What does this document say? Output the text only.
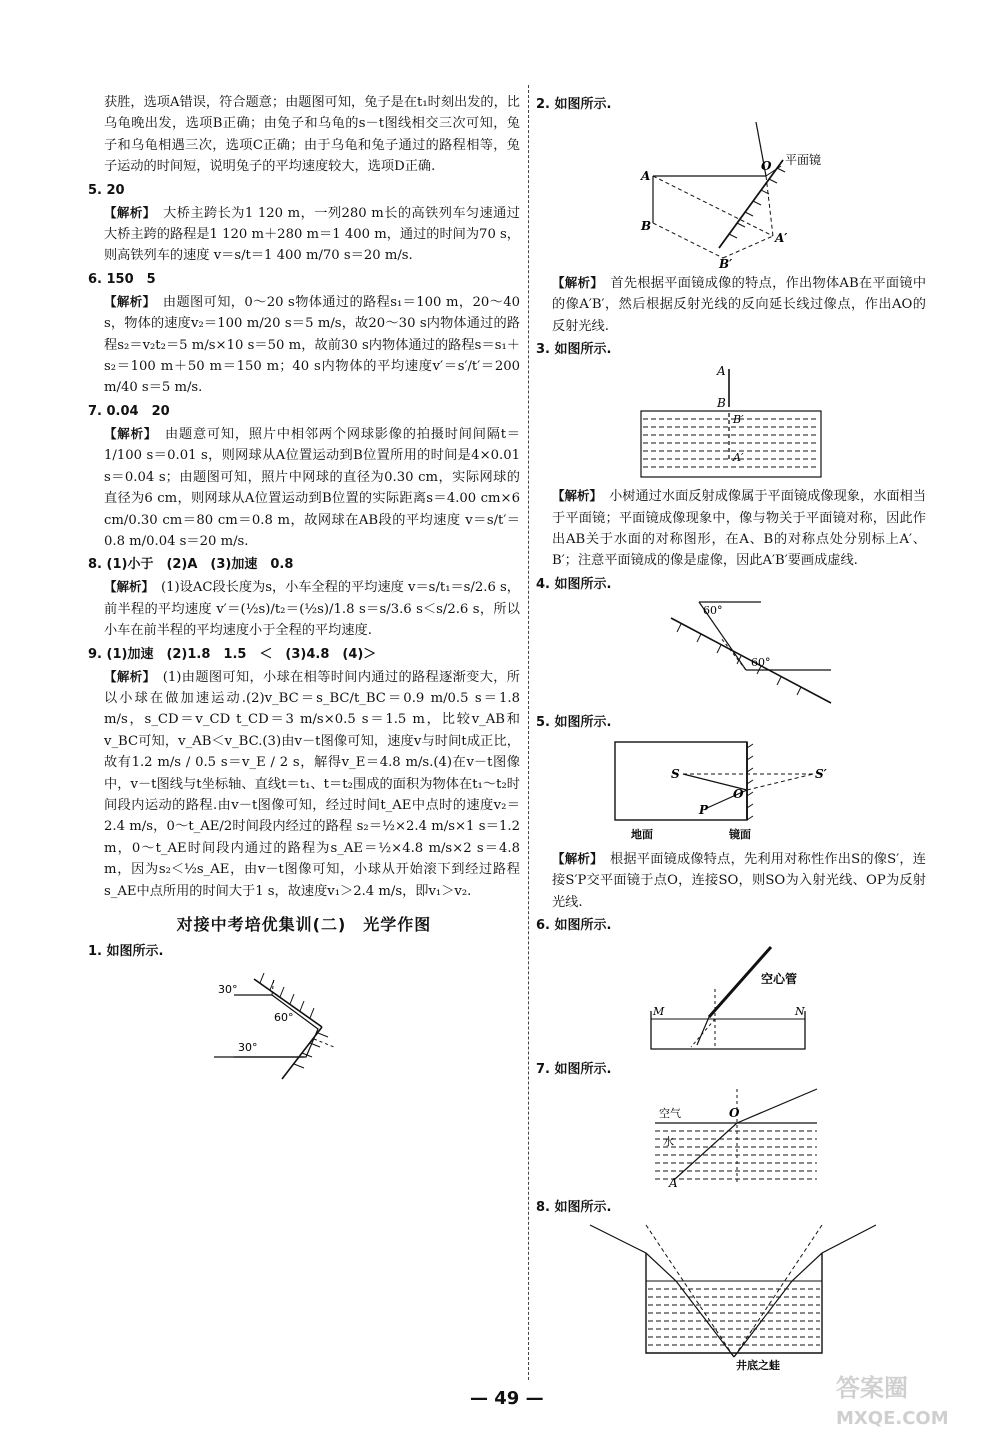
获胜，选项A错误，符合题意；由题图可知，兔子是在t₁时刻出发的，比乌龟晚出发，选项B正确；由兔子和乌龟的s－t图线相交三次可知，兔子和乌龟相遇三次，选项C正确；由于乌龟和兔子通过的路程相等，兔子运动的时间短，说明兔子的平均速度较大，选项D正确.

5. 20

【解析】　 大桥主跨长为1 120 m，一列280 m长的高铁列车匀速通过大桥主跨的路程是1 120 m＋280 m＝1 400 m，通过的时间为70 s，则高铁列车的速度 v＝s/t＝1 400 m/70 s＝20 m/s.

6. 150　5

【解析】　 由题图可知，0～20 s物体通过的路程s₁＝100 m，20～40 s，物体的速度v₂＝100 m/20 s＝5 m/s，故20～30 s内物体通过的路程s₂＝v₂t₂＝5 m/s×10 s＝50 m，故前30 s内物体通过的路程s＝s₁＋s₂＝100 m＋50 m＝150 m；40 s内物体的平均速度v′＝s′/t′＝200 m/40 s＝5 m/s.

7. 0.04　20

【解析】　 由题意可知，照片中相邻两个网球影像的拍摄时间间隔t＝1/100 s＝0.01 s，则网球从A位置运动到B位置所用的时间是4×0.01 s＝0.04 s；由题图可知，照片中网球的直径为0.30 cm，实际网球的直径为6 cm，则网球从A位置运动到B位置的实际距离s＝4.00 cm×6 cm/0.30 cm＝80 cm＝0.8 m，故网球在AB段的平均速度 v＝s/t′＝0.8 m/0.04 s＝20 m/s.

8. (1)小于　(2)A　(3)加速　0.8

【解析】　 (1)设AC段长度为s，小车全程的平均速度 v＝s/t₁＝s/2.6 s，前半程的平均速度 v′＝(½s)/t₂＝(½s)/1.8 s＝s/3.6 s＜s/2.6 s，所以小车在前半程的平均速度小于全程的平均速度.

9. (1)加速　(2)1.8　1.5　＜　(3)4.8　(4)＞

【解析】　 (1)由题图可知，小球在相等时间内通过的路程逐渐变大，所以小球在做加速运动.(2)v_BC＝s_BC/t_BC＝0.9 m/0.5 s＝1.8 m/s，s_CD＝v_CD t_CD＝3 m/s×0.5 s＝1.5 m，比较v_AB和v_BC可知，v_AB＜v_BC.(3)由v－t图像可知，速度v与时间t成正比，故有1.2 m/s / 0.5 s＝v_E / 2 s，解得v_E＝4.8 m/s.(4)在v－t图像中，v－t图线与t坐标轴、直线t＝t₁、t＝t₂围成的面积为物体在t₁～t₂时间段内运动的路程.由v－t图像可知，经过时间t_AE中点时的速度v₂＝2.4 m/s，0～t_AE/2时间段内经过的路程 s₂＝½×2.4 m/s×1 s＝1.2 m，0～t_AE时间段内通过的路程为s_AE＝½×4.8 m/s×2 s＝4.8 m，因为s₂＜½s_AE，由v－t图像可知，小球从开始滚下到经过路程s_AE中点所用的时间大于1 s，故速度v₁＞2.4 m/s，即v₁＞v₂.

对接中考培优集训(二)　光学作图

1. 如图所示.

30°
60°
30°

2. 如图所示.

O 平面镜
A
B
B′
A′

【解析】　 首先根据平面镜成像的特点，作出物体AB在平面镜中的像A′B′，然后根据反射光线的反向延长线过像点，作出AO的反射光线.

3. 如图所示.

A
B
B′
A′

【解析】　 小树通过水面反射成像属于平面镜成像现象，水面相当于平面镜；平面镜成像现象中，像与物关于平面镜对称，因此作出AB关于水面的对称图形，在A、B的对称点处分别标上A′、B′；注意平面镜成的像是虚像，因此A′B′要画成虚线.

4. 如图所示.

60°
60°

5. 如图所示.

S	S′
O
P
地面	镜面

【解析】　 根据平面镜成像特点，先利用对称性作出S的像S′，连接S′P交平面镜于点O，连接SO，则SO为入射光线、OP为反射光线.

6. 如图所示.

空心管
M	N

7. 如图所示.

空气
水
O
A

8. 如图所示.

井底之蛙
— 49 —	答案圈
MXQE.COM
